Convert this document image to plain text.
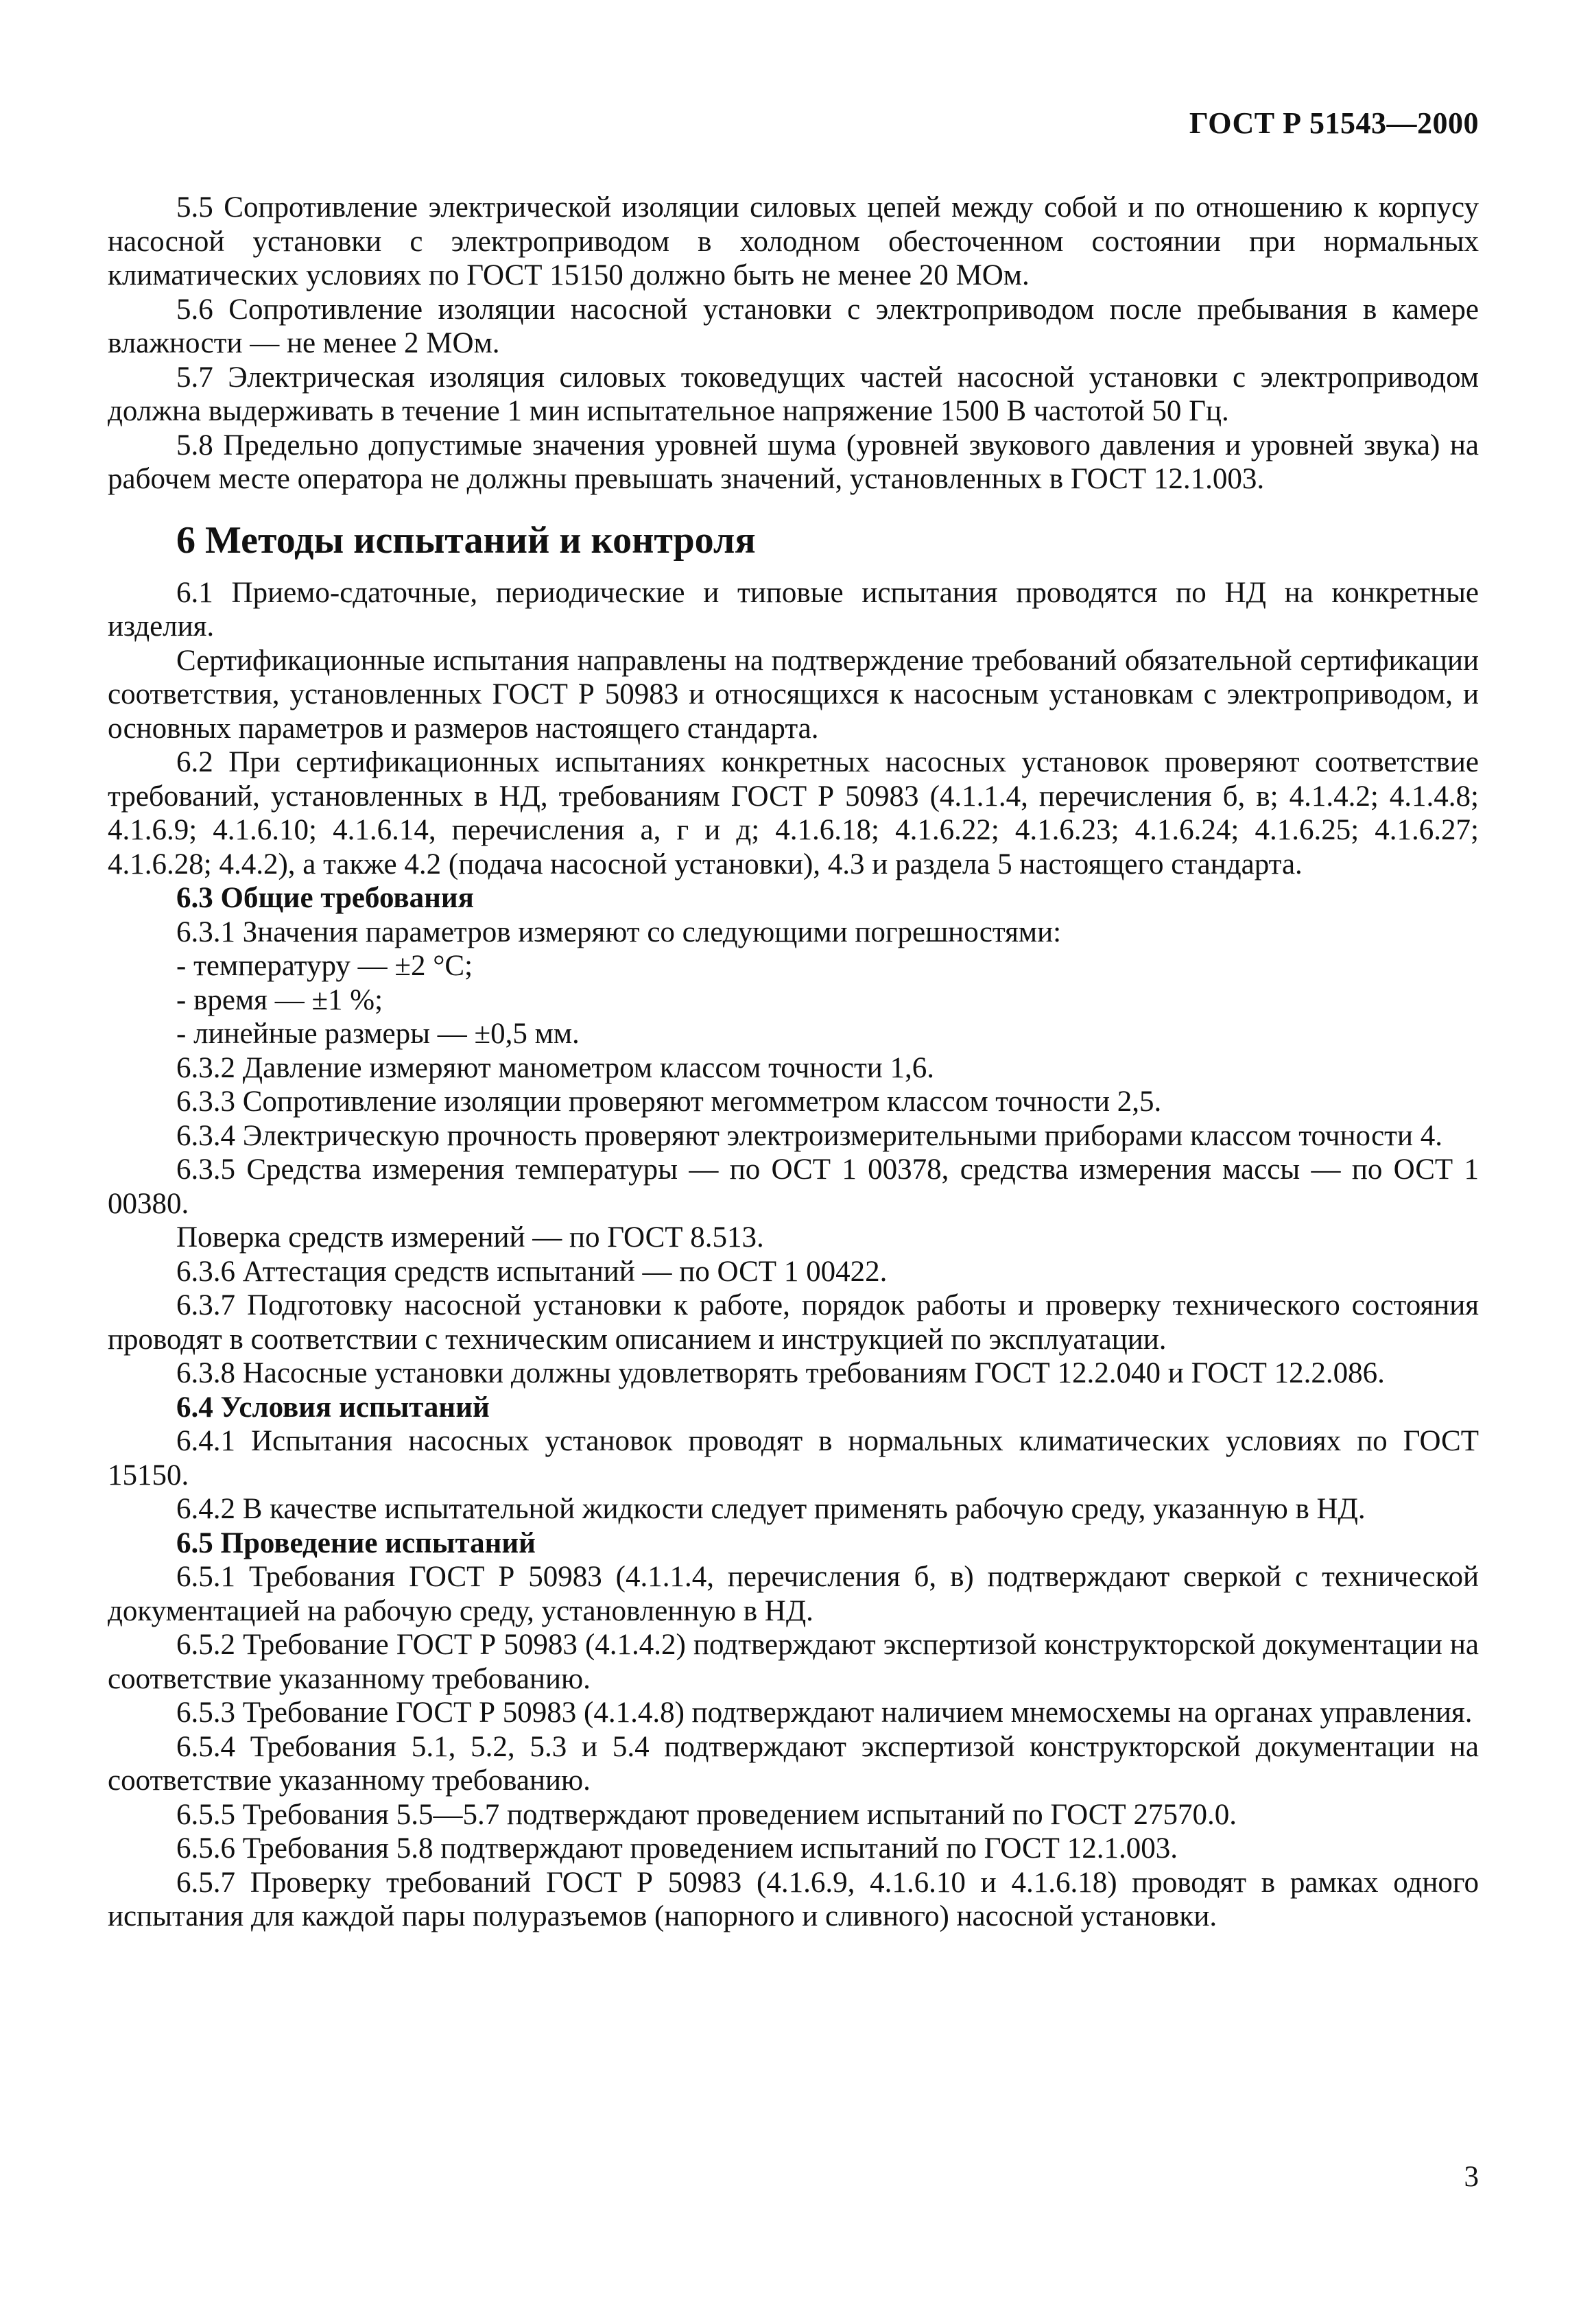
ГОСТ Р 51543—2000

5.5 Сопротивление электрической изоляции силовых цепей между собой и по отношению к корпусу насосной установки с электроприводом в холодном обесточенном состоянии при нормальных климатических условиях по ГОСТ 15150 должно быть не менее 20 МОм.

5.6 Сопротивление изоляции насосной установки с электроприводом после пребывания в камере влажности — не менее 2 МОм.

5.7 Электрическая изоляция силовых токоведущих частей насосной установки с электроприводом должна выдерживать в течение 1 мин испытательное напряжение 1500 В частотой 50 Гц.

5.8 Предельно допустимые значения уровней шума (уровней звукового давления и уровней звука) на рабочем месте оператора не должны превышать значений, установленных в ГОСТ 12.1.003.

6 Методы испытаний и контроля

6.1 Приемо-сдаточные, периодические и типовые испытания проводятся по НД на конкретные изделия.

Сертификационные испытания направлены на подтверждение требований обязательной сертификации соответствия, установленных ГОСТ Р 50983 и относящихся к насосным установкам с электроприводом, и основных параметров и размеров настоящего стандарта.

6.2 При сертификационных испытаниях конкретных насосных установок проверяют соответствие требований, установленных в НД, требованиям ГОСТ Р 50983 (4.1.1.4, перечисления б, в; 4.1.4.2; 4.1.4.8; 4.1.6.9; 4.1.6.10; 4.1.6.14, перечисления а, г и д; 4.1.6.18; 4.1.6.22; 4.1.6.23; 4.1.6.24; 4.1.6.25; 4.1.6.27; 4.1.6.28; 4.4.2), а также 4.2 (подача насосной установки), 4.3 и раздела 5 настоящего стандарта.

6.3 Общие требования

6.3.1 Значения параметров измеряют со следующими погрешностями:

- температуру — ±2 °С;

- время — ±1 %;

- линейные размеры — ±0,5 мм.

6.3.2 Давление измеряют манометром классом точности 1,6.

6.3.3 Сопротивление изоляции проверяют мегомметром классом точности 2,5.

6.3.4 Электрическую прочность проверяют электроизмерительными приборами классом точности 4.

6.3.5 Средства измерения температуры — по ОСТ 1 00378, средства измерения массы — по ОСТ 1 00380.

Поверка средств измерений — по ГОСТ 8.513.

6.3.6 Аттестация средств испытаний — по ОСТ 1 00422.

6.3.7 Подготовку насосной установки к работе, порядок работы и проверку технического состояния проводят в соответствии с техническим описанием и инструкцией по эксплуатации.

6.3.8 Насосные установки должны удовлетворять требованиям ГОСТ 12.2.040 и ГОСТ 12.2.086.

6.4 Условия испытаний

6.4.1 Испытания насосных установок проводят в нормальных климатических условиях по ГОСТ 15150.

6.4.2 В качестве испытательной жидкости следует применять рабочую среду, указанную в НД.

6.5 Проведение испытаний

6.5.1 Требования ГОСТ Р 50983 (4.1.1.4, перечисления б, в) подтверждают сверкой с технической документацией на рабочую среду, установленную в НД.

6.5.2 Требование ГОСТ Р 50983 (4.1.4.2) подтверждают экспертизой конструкторской документации на соответствие указанному требованию.

6.5.3 Требование ГОСТ Р 50983 (4.1.4.8) подтверждают наличием мнемосхемы на органах управления.

6.5.4 Требования 5.1, 5.2, 5.3 и 5.4 подтверждают экспертизой конструкторской документации на соответствие указанному требованию.

6.5.5 Требования 5.5—5.7 подтверждают проведением испытаний по ГОСТ 27570.0.

6.5.6 Требования 5.8 подтверждают проведением испытаний по ГОСТ 12.1.003.

6.5.7 Проверку требований ГОСТ Р 50983 (4.1.6.9, 4.1.6.10 и 4.1.6.18) проводят в рамках одного испытания для каждой пары полуразъемов (напорного и сливного) насосной установки.

3
